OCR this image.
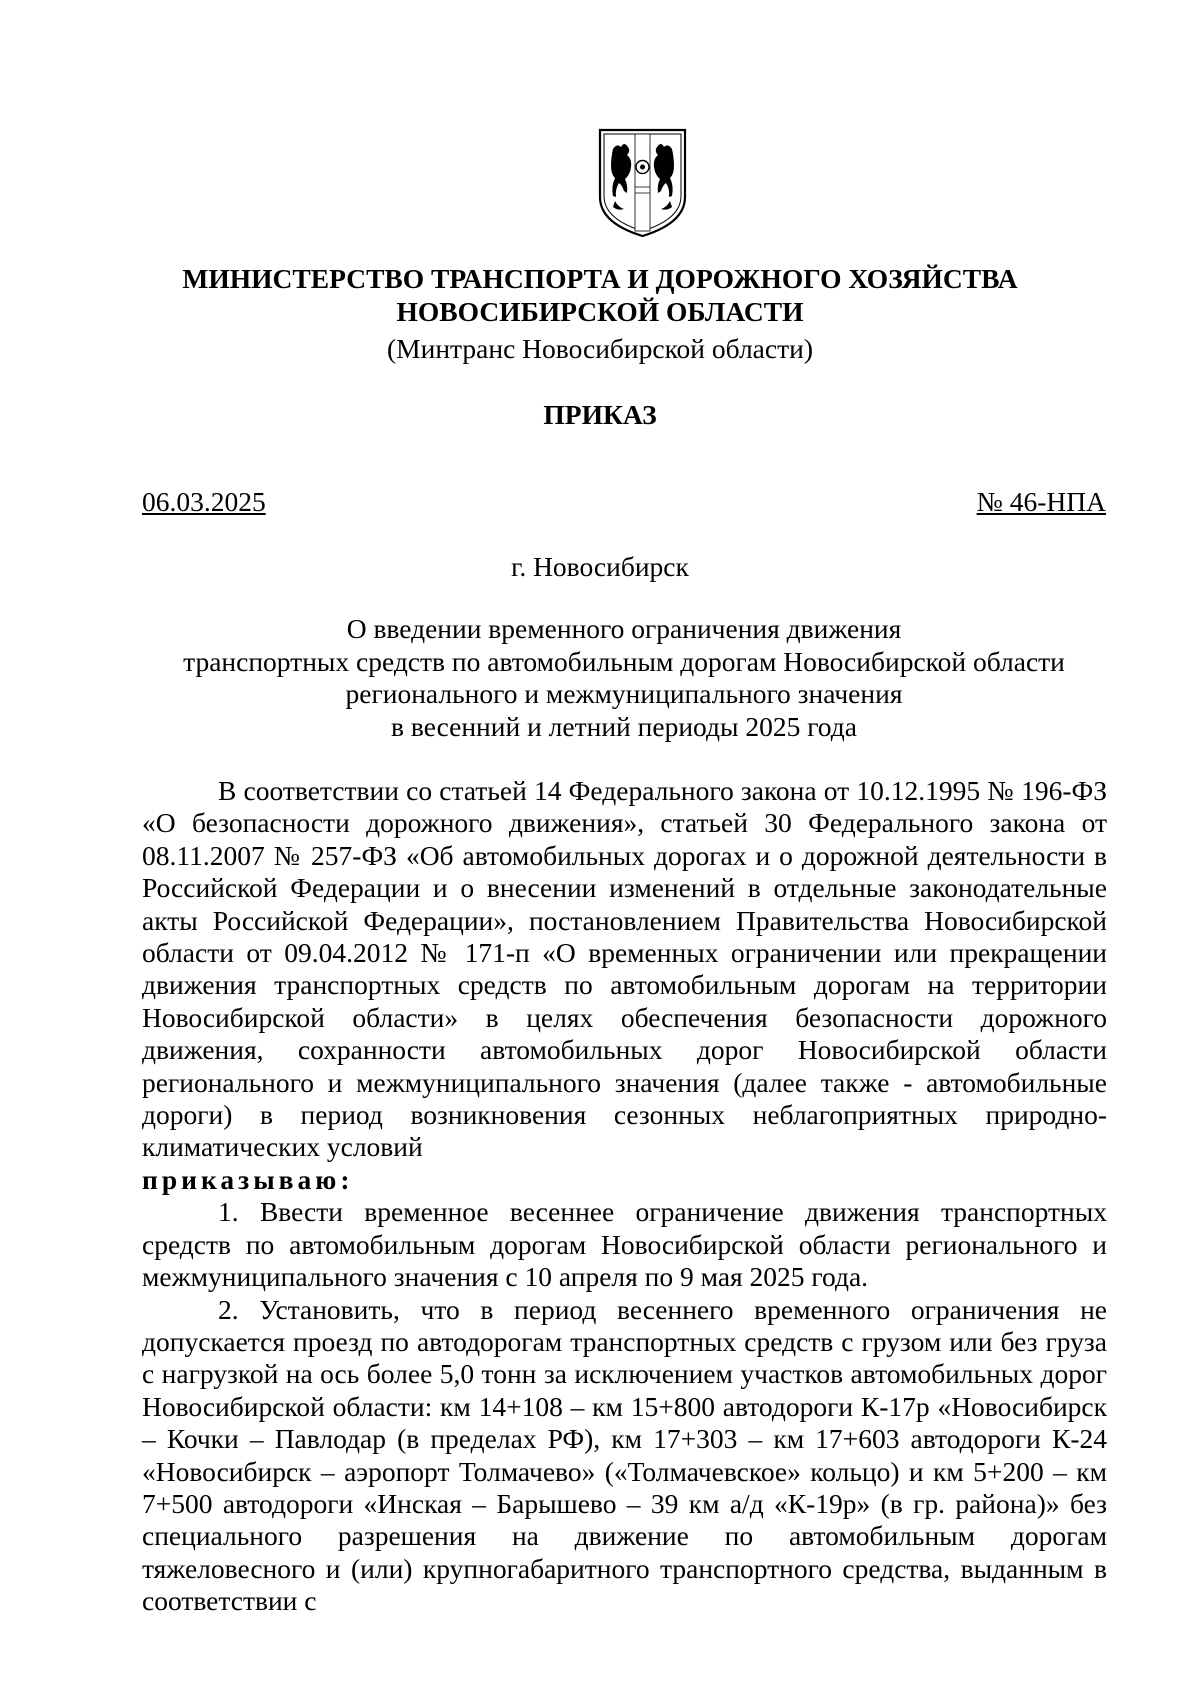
МИНИСТЕРСТВО ТРАНСПОРТА И ДОРОЖНОГО ХОЗЯЙСТВА
НОВОСИБИРСКОЙ ОБЛАСТИ
(Минтранс Новосибирской области)
ПРИКАЗ
06.03.2025	№ 46-НПА
г. Новосибирск
О введении временного ограничения движения
транспортных средств по автомобильным дорогам Новосибирской области
регионального и межмуниципального значения
в весенний и летний периоды 2025 года

В соответствии со статьей 14 Федерального закона от 10.12.1995 № 196-ФЗ «О безопасности дорожного движения», статьей 30 Федерального закона от 08.11.2007 № 257-ФЗ «Об автомобильных дорогах и о дорожной деятельности в Российской Федерации и о внесении изменений в отдельные законодательные акты Российской Федерации», постановлением Правительства Новосибирской области от 09.04.2012 № 171-п «О временных ограничении или прекращении движения транспортных средств по автомобильным дорогам на территории Новосибирской области» в целях обеспечения безопасности дорожного движения, сохранности автомобильных дорог Новосибирской области регионального и межмуниципального значения (далее также - автомобильные дороги) в период возникновения сезонных неблагоприятных природно-климатических условий

приказываю:

1. Ввести временное весеннее ограничение движения транспортных средств по автомобильным дорогам Новосибирской области регионального и межмуниципального значения с 10 апреля по 9 мая 2025 года.

2. Установить, что в период весеннего временного ограничения не допускается проезд по автодорогам транспортных средств с грузом или без груза с нагрузкой на ось более 5,0 тонн за исключением участков автомобильных дорог Новосибирской области: км 14+108 – км 15+800 автодороги К-17р «Новосибирск – Кочки – Павлодар (в пределах РФ), км 17+303 – км 17+603 автодороги К-24 «Новосибирск – аэропорт Толмачево» («Толмачевское» кольцо) и км 5+200 – км 7+500 автодороги «Инская – Барышево – 39 км а/д «К-19р» (в гр. района)» без специального разрешения на движение по автомобильным дорогам тяжеловесного и (или) крупногабаритного транспортного средства, выданным в соответствии с
